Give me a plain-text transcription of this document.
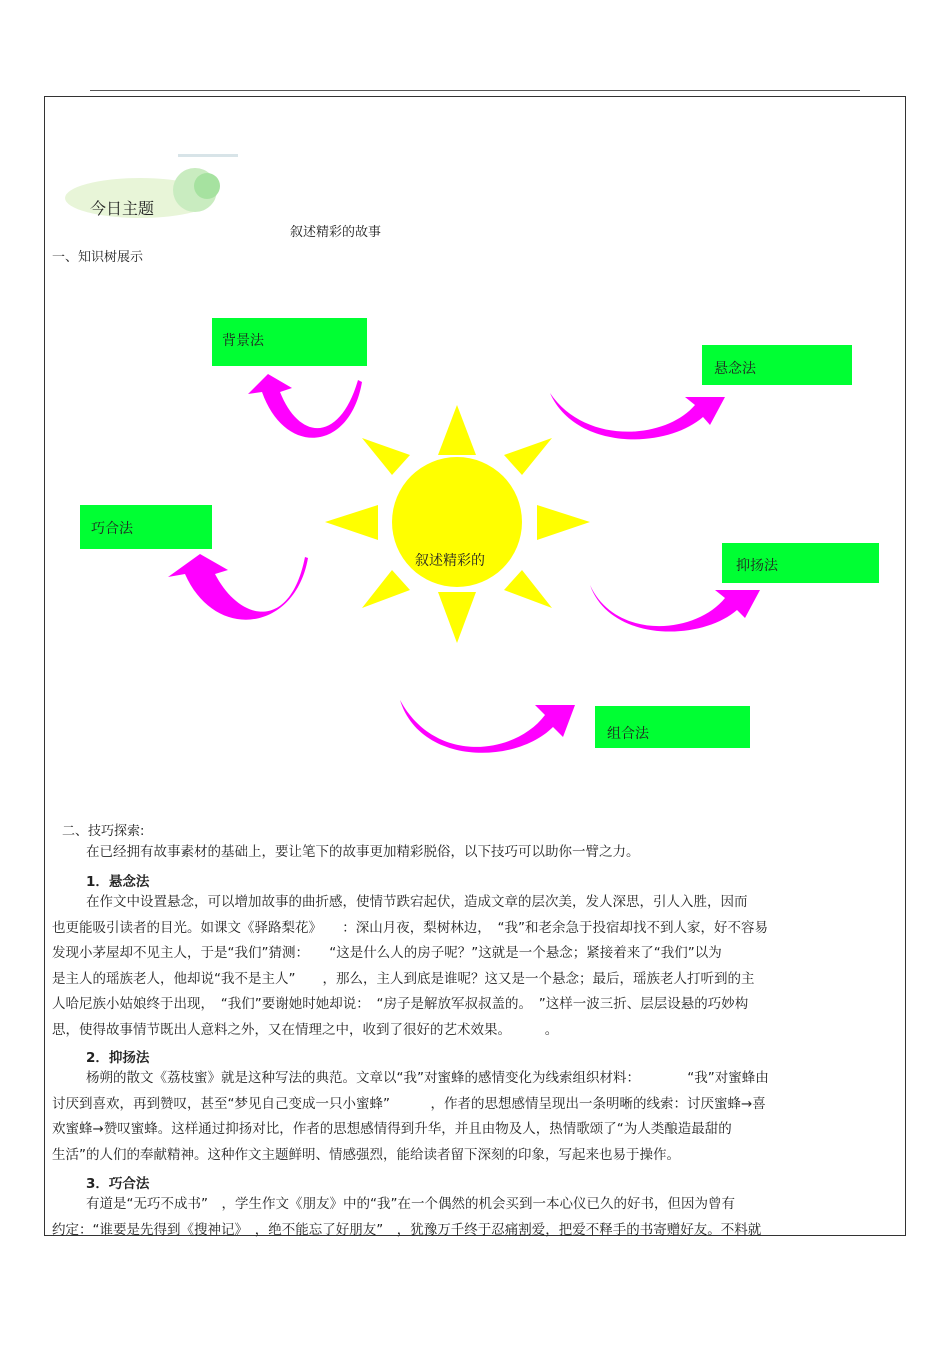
今日主题
叙述精彩的故事
一、知识树展示
叙述精彩的
背景法
悬念法
巧合法
抑扬法
组合法
二、技巧探索:
在已经拥有故事素材的基础上，要让笔下的故事更加精彩脱俗，以下技巧可以助你一臂之力。
1．悬念法

在作文中设置悬念，可以增加故事的曲折感，使情节跌宕起伏，造成文章的层次美，发人深思，引人入胜，因而

也更能吸引读者的目光。如课文《驿路梨花》　　：深山月夜，梨树林边，　“我”和老余急于投宿却找不到人家，好不容易

发现小茅屋却不见主人，于是“我们”猜测：　　“这是什么人的房子呢？”这就是一个悬念；紧接着来了“我们”以为

是主人的瑶族老人，他却说“我不是主人”　　，那么，主人到底是谁呢？这又是一个悬念；最后，瑶族老人打听到的主

人哈尼族小姑娘终于出现，　“我们”要谢她时她却说：　“房子是解放军叔叔盖的。　”这样一波三折、层层设悬的巧妙构

思，使得故事情节既出人意料之外，又在情理之中，收到了很好的艺术效果。　　　。

2．抑扬法

杨朔的散文《荔枝蜜》就是这种写法的典范。文章以“我”对蜜蜂的感情变化为线索组织材料：　　　　“我”对蜜蜂由

讨厌到喜欢，再到赞叹，甚至“梦见自己变成一只小蜜蜂”　　　，作者的思想感情呈现出一条明晰的线索：讨厌蜜蜂→喜

欢蜜蜂→赞叹蜜蜂。这样通过抑扬对比，作者的思想感情得到升华，并且由物及人，热情歌颂了“为人类酿造最甜的

生活”的人们的奉献精神。这种作文主题鲜明、情感强烈，能给读者留下深刻的印象，写起来也易于操作。

3．巧合法

有道是“无巧不成书”　，学生作文《朋友》中的“我”在一个偶然的机会买到一本心仪已久的好书，但因为曾有

约定：“谁要是先得到《搜神记》　，绝不能忘了好朋友”　，犹豫万千终于忍痛割爱，把爱不释手的书寄赠好友。不料就
